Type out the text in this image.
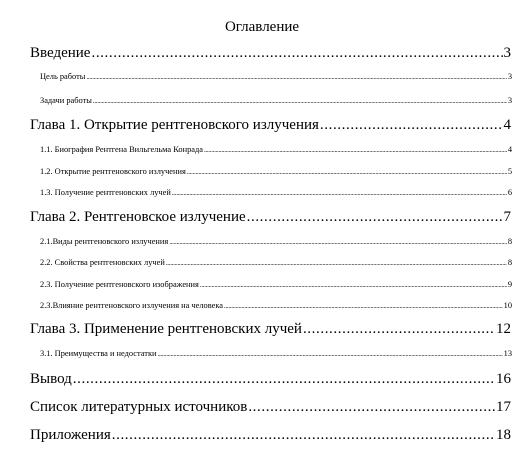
Оглавление
Введение .....	3
Цель работы .....	3
Задачи работы .....	3
Глава 1. Открытие рентгеновского излучения .....	4
1.1. Биография Рентгена Вильгельма Конрада .....	4
1.2. Открытие рентгеновского излучения .....	5
1.3. Получение рентгеновских лучей .....	6
Глава 2. Рентгеновское излучение .....	7
2.1.Виды рентгеновского излучения .....	8
2.2. Свойства рентгеновских лучей .....	8
2.3. Получение рентгеновского изображения .....	9
2.3.Влияние рентгеновского излучения на человека .....	10
Глава 3. Применение рентгеновских лучей .....	12
3.1. Преимущества и недостатки .....	13
Вывод .....	16
Список литературных источников .....	17
Приложения .....	18
